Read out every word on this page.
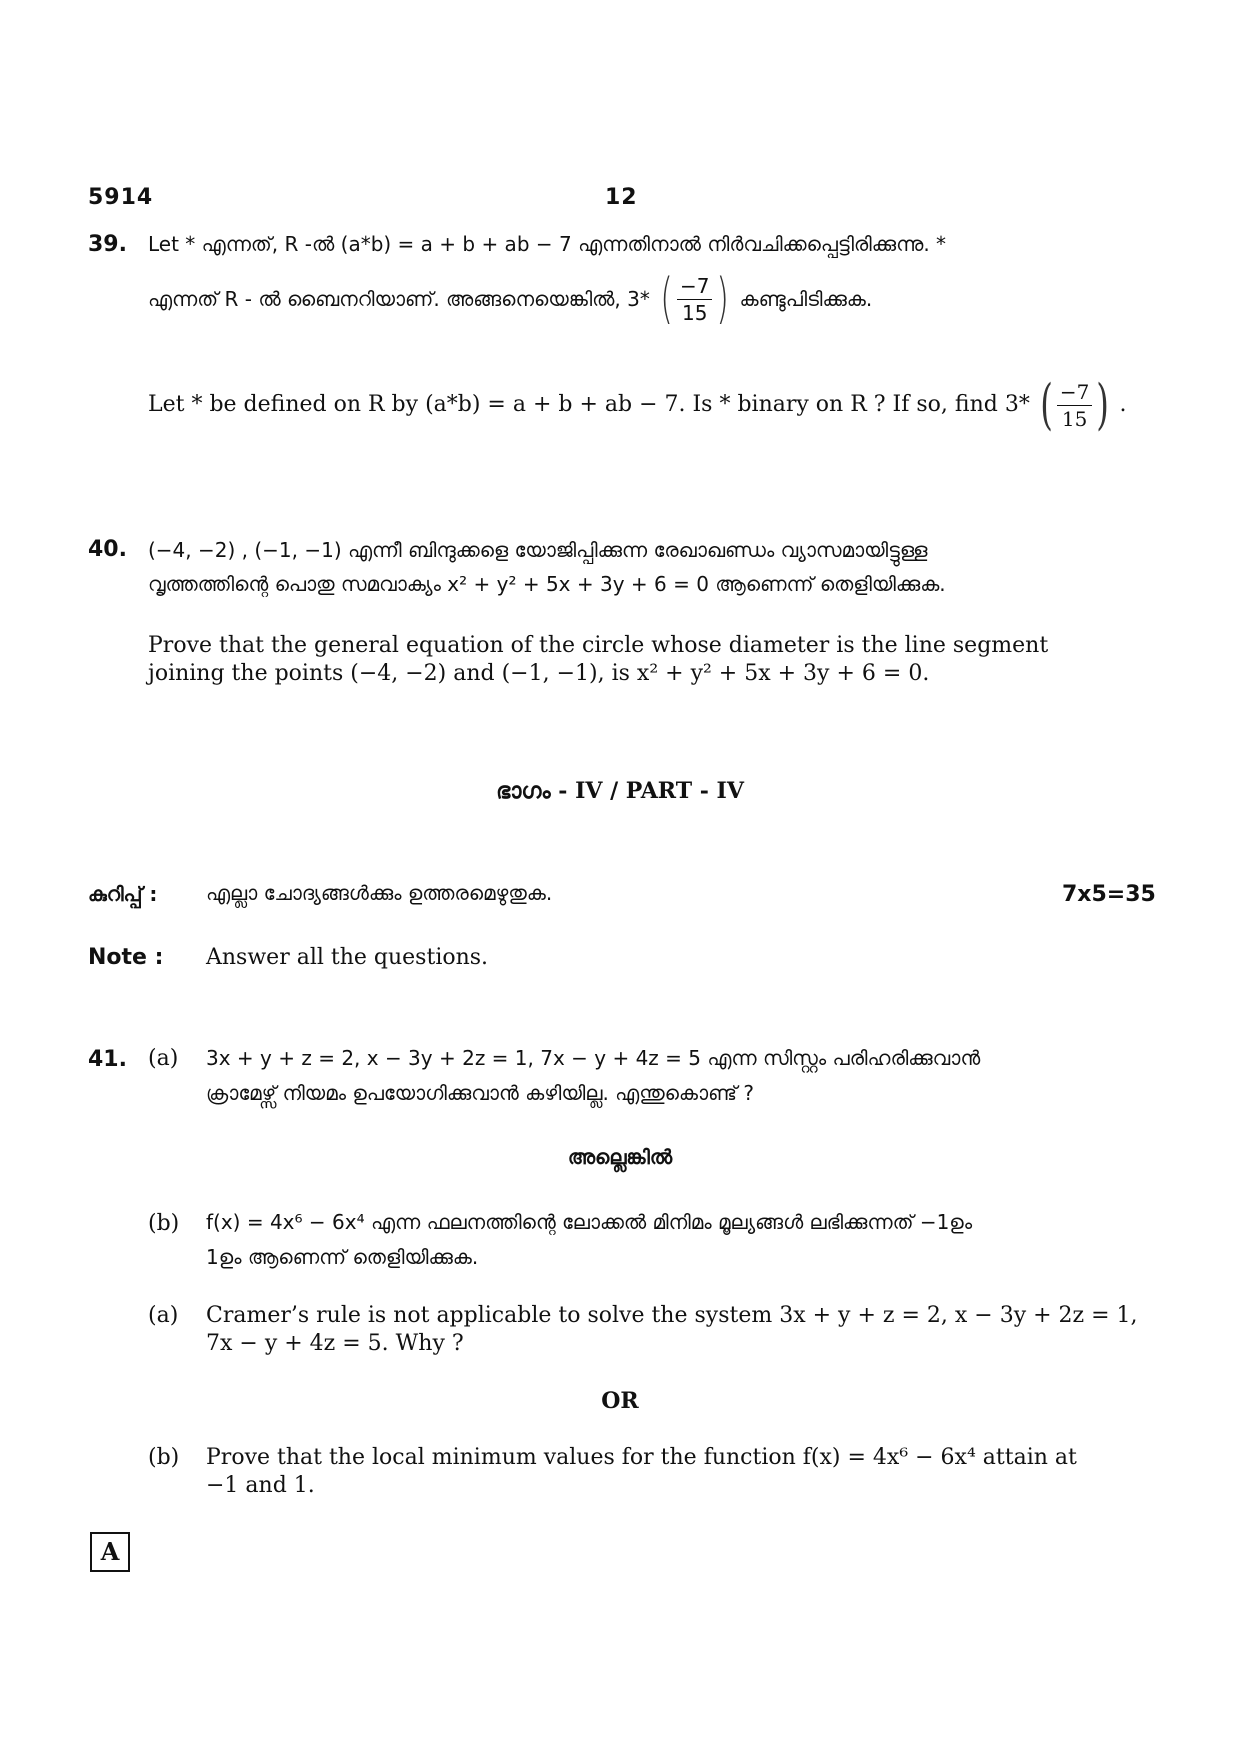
5914	12
39. Let * എന്നത്, R -ൽ (a*b) = a + b + ab − 7 എന്നതിനാൽ നിർവചിക്കപ്പെട്ടിരിക്കുന്നു. *
എന്നത് R - ൽ ബൈനറിയാണ്. അങ്ങനെയെങ്കിൽ, 3* ( $\frac{-7}{15}$ ) കണ്ടുപിടിക്കുക.
Let * be defined on R by (a*b) = a + b + ab − 7. Is * binary on R ? If so, find 3* ( $\frac{-7}{15}$ ) .
40. (−4, −2) , (−1, −1) എന്നീ ബിന്ദുക്കളെ യോജിപ്പിക്കുന്ന രേഖാഖണ്ഡം വ്യാസമായിട്ടുള്ള
വൃത്തത്തിന്റെ പൊതു സമവാക്യം x² + y² + 5x + 3y + 6 = 0 ആണെന്ന് തെളിയിക്കുക.
Prove that the general equation of the circle whose diameter is the line segment
joining the points (−4, −2) and (−1, −1), is x² + y² + 5x + 3y + 6 = 0.
ഭാഗം - IV / PART - IV
കുറിപ്പ് : എല്ലാ ചോദ്യങ്ങൾക്കും ഉത്തരമെഴുതുക.	7x5=35
Note : Answer all the questions.
41. (a) 3x + y + z = 2, x − 3y + 2z = 1, 7x − y + 4z = 5 എന്ന സിസ്റ്റം പരിഹരിക്കുവാൻ
ക്രാമേഴ്സ് നിയമം ഉപയോഗിക്കുവാൻ കഴിയില്ല. എന്തുകൊണ്ട് ?
അല്ലെങ്കിൽ
(b) f(x) = 4x⁶ − 6x⁴ എന്ന ഫലനത്തിന്റെ ലോക്കൽ മിനിമം മൂല്യങ്ങൾ ലഭിക്കുന്നത് −1ഉം
1ഉം ആണെന്ന് തെളിയിക്കുക.
(a) Cramer’s rule is not applicable to solve the system 3x + y + z = 2, x − 3y + 2z = 1,
7x − y + 4z = 5. Why ?
OR
(b) Prove that the local minimum values for the function f(x) = 4x⁶ − 6x⁴ attain at
−1 and 1.
A
